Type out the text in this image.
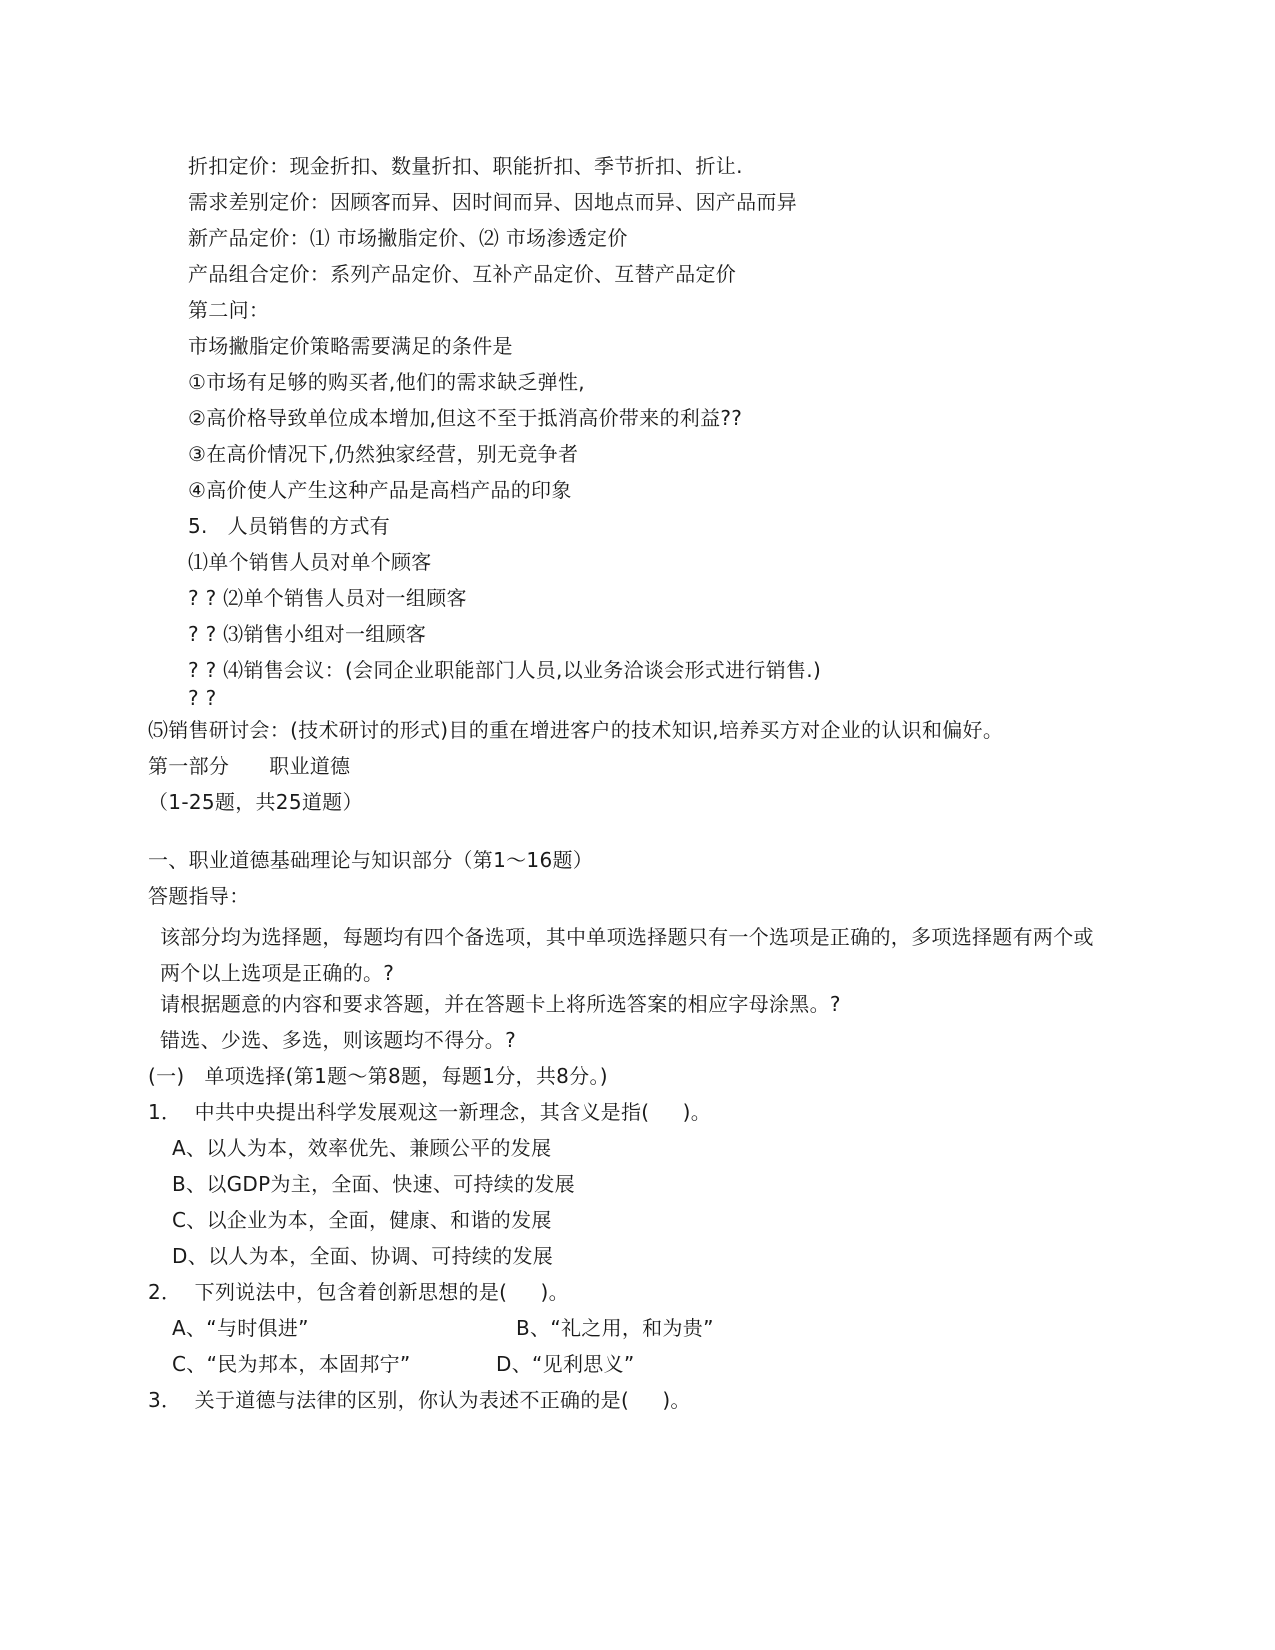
折扣定价：现金折扣、数量折扣、职能折扣、季节折扣、折让.
需求差别定价：因顾客而异、因时间而异、因地点而异、因产品而异
新产品定价：⑴ 市场撇脂定价、⑵ 市场渗透定价
产品组合定价：系列产品定价、互补产品定价、互替产品定价
第二问：
市场撇脂定价策略需要满足的条件是
①市场有足够的购买者,他们的需求缺乏弹性,
②高价格导致单位成本增加,但这不至于抵消高价带来的利益??
③在高价情况下,仍然独家经营，别无竞争者
④高价使人产生这种产品是高档产品的印象
5.   人员销售的方式有
⑴单个销售人员对单个顾客
? ? ⑵单个销售人员对一组顾客
? ? ⑶销售小组对一组顾客
? ? ⑷销售会议：(会同企业职能部门人员,以业务洽谈会形式进行销售.)
? ?
⑸销售研讨会：(技术研讨的形式)目的重在增进客户的技术知识,培养买方对企业的认识和偏好。
第一部分      职业道德
（1-25题，共25道题）
一、职业道德基础理论与知识部分（第1～16题）
答题指导：
该部分均为选择题，每题均有四个备选项，其中单项选择题只有一个选项是正确的，多项选择题有两个或两个以上选项是正确的。?
请根据题意的内容和要求答题，并在答题卡上将所选答案的相应字母涂黑。?
错选、少选、多选，则该题均不得分。?
(一)   单项选择(第1题～第8题，每题1分，共8分。)
1．  中共中央提出科学发展观这一新理念，其含义是指(     )。
A、以人为本，效率优先、兼顾公平的发展
B、以GDP为主，全面、快速、可持续的发展
C、以企业为本，全面，健康、和谐的发展
D、以人为本，全面、协调、可持续的发展
2．  下列说法中，包含着创新思想的是(     )。
A、“与时俱进”	B、“礼之用，和为贵”
C、“民为邦本，本固邦宁”	D、“见利思义”
3．  关于道德与法律的区别，你认为表述不正确的是(     )。
